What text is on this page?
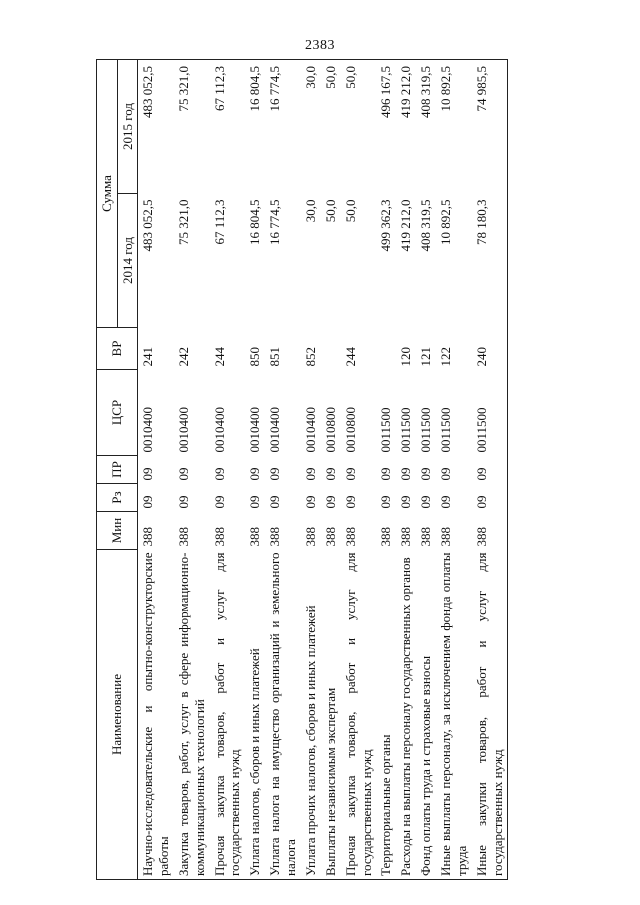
2383
Наименование	Мин	Рз	ПР	ЦСР	ВР	Сумма	
						2014 год	2015 год
Научно-исследовательские и опытно-конструкторские работы	388	09	09	0010400	241	483 052,5	483 052,5
Закупка товаров, работ, услуг в сфере информационно-коммуникационных технологий	388	09	09	0010400	242	75 321,0	75 321,0
Прочая закупка товаров, работ и услуг для государственных нужд	388	09	09	0010400	244	67 112,3	67 112,3
Уплата налогов, сборов и иных платежей	388	09	09	0010400	850	16 804,5	16 804,5
Уплата налога на имущество организаций и земельного налога	388	09	09	0010400	851	16 774,5	16 774,5
Уплата прочих налогов, сборов и иных платежей	388	09	09	0010400	852	30,0	30,0
Выплаты независимым экспертам	388	09	09	0010800		50,0	50,0
Прочая закупка товаров, работ и услуг для государственных нужд	388	09	09	0010800	244	50,0	50,0
Территориальные органы	388	09	09	0011500		499 362,3	496 167,5
Расходы на выплаты персоналу государственных органов	388	09	09	0011500	120	419 212,0	419 212,0
Фонд оплаты труда и страховые взносы	388	09	09	0011500	121	408 319,5	408 319,5
Иные выплаты персоналу, за исключением фонда оплаты труда	388	09	09	0011500	122	10 892,5	10 892,5
Иные закупки товаров, работ и услуг для государственных нужд	388	09	09	0011500	240	78 180,3	74 985,5
